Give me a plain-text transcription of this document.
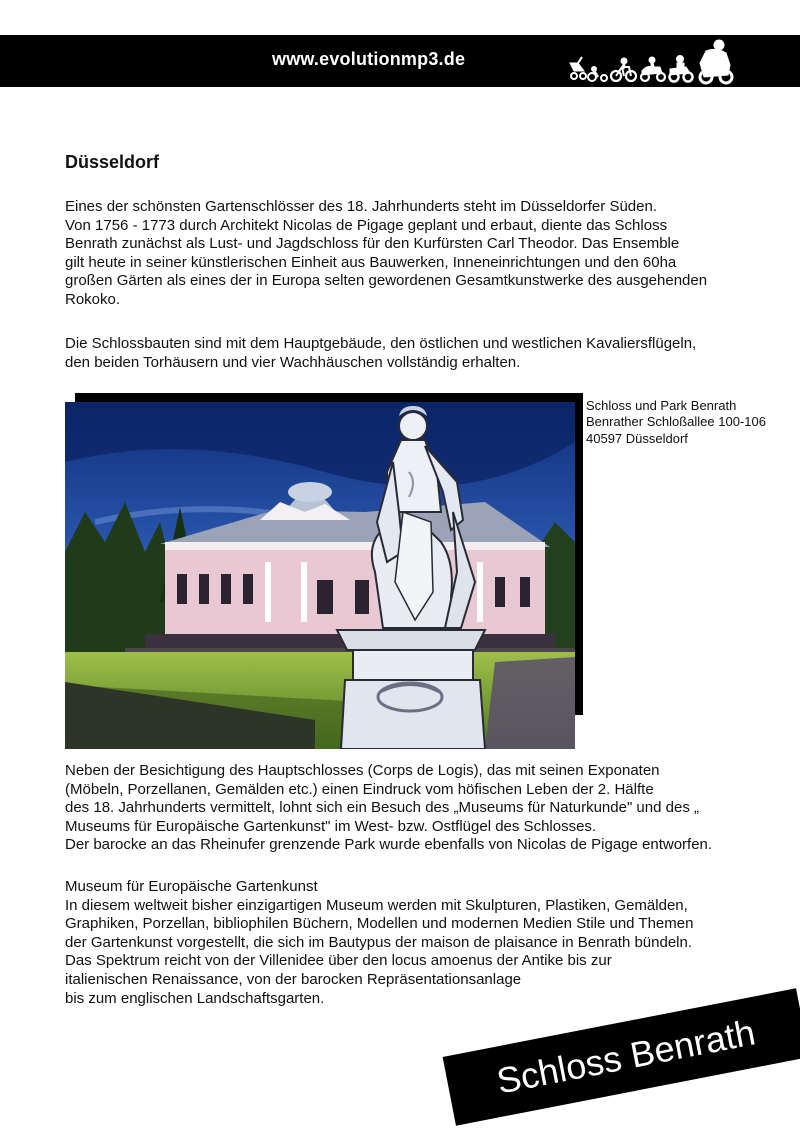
www.evolutionmp3.de
Düsseldorf

Eines der schönsten Gartenschlösser des 18. Jahrhunderts steht im Düsseldorfer Süden.
Von 1756 - 1773 durch Architekt Nicolas de Pigage geplant und erbaut, diente das Schloss
Benrath zunächst als Lust- und Jagdschloss für den Kurfürsten Carl Theodor. Das Ensemble
gilt heute in seiner künstlerischen Einheit aus Bauwerken, Inneneinrichtungen und den 60ha
großen Gärten als eines der in Europa selten gewordenen Gesamtkunstwerke des ausgehenden
Rokoko.

Die Schlossbauten sind mit dem Hauptgebäude, den östlichen und westlichen Kavaliersflügeln,
den beiden Torhäusern und vier Wachhäuschen vollständig erhalten.

Schloss und Park Benrath
Benrather Schloßallee 100-106
40597 Düsseldorf

Neben der Besichtigung des Hauptschlosses (Corps de Logis), das mit seinen Exponaten
(Möbeln, Porzellanen, Gemälden etc.) einen Eindruck vom höfischen Leben der 2. Hälfte
des 18. Jahrhunderts vermittelt, lohnt sich ein Besuch des „Museums für Naturkunde" und des „
Museums für Europäische Gartenkunst" im West- bzw. Ostflügel des Schlosses.
Der barocke an das Rheinufer grenzende Park wurde ebenfalls von Nicolas de Pigage entworfen.

Museum für Europäische Gartenkunst
In diesem weltweit bisher einzigartigen Museum werden mit Skulpturen, Plastiken, Gemälden,
Graphiken, Porzellan, bibliophilen Büchern, Modellen und modernen Medien Stile und Themen
der Gartenkunst vorgestellt, die sich im Bautypus der maison de plaisance in Benrath bündeln.
Das Spektrum reicht von der Villenidee über den locus amoenus der Antike bis zur
italienischen Renaissance, von der barocken Repräsentationsanlage
bis zum englischen Landschaftsgarten.

Schloss Benrath
